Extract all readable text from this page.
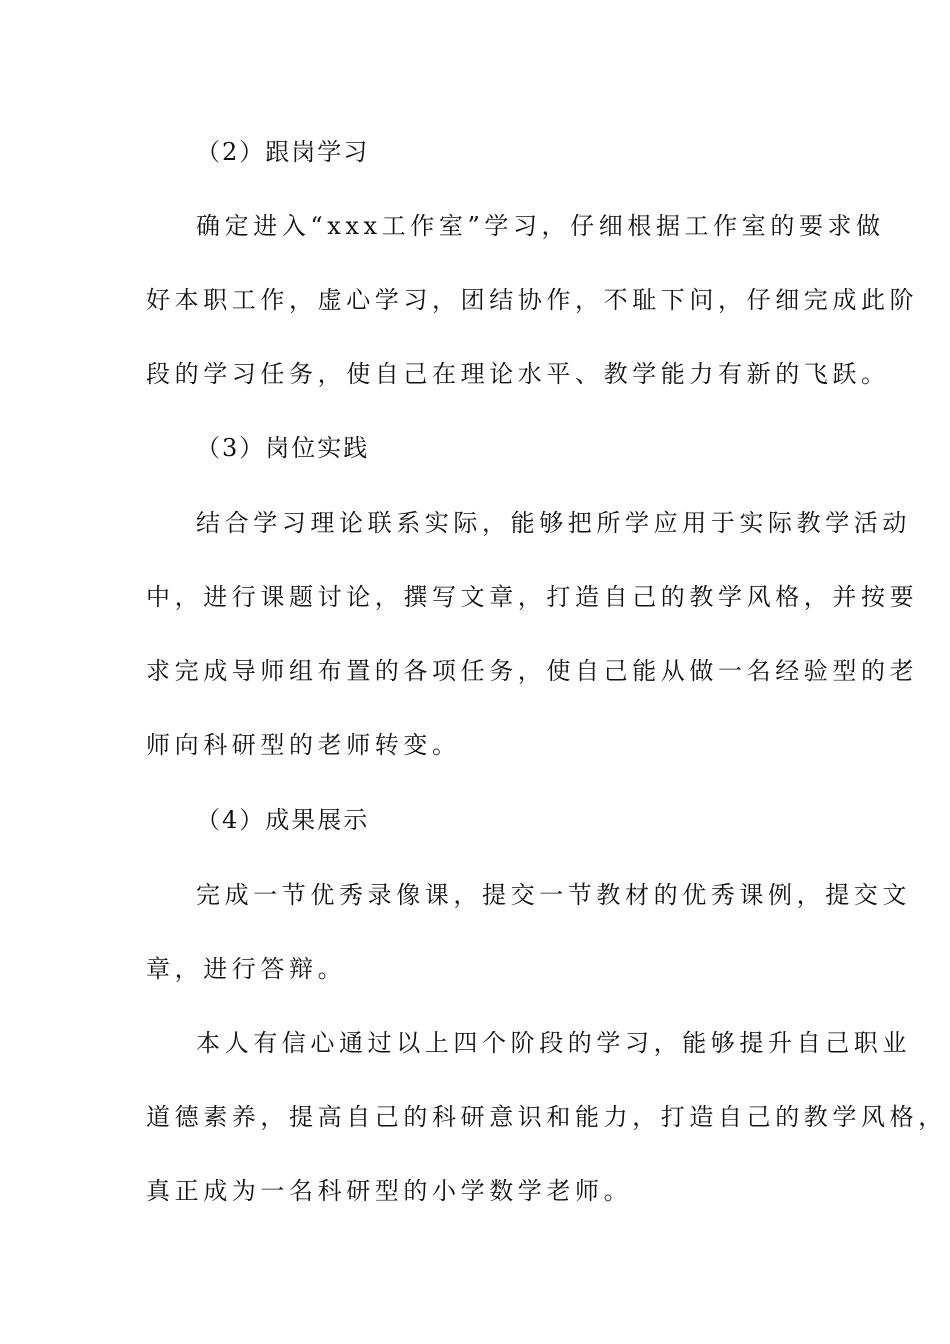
（2）跟岗学习
确定进入“xxx工作室”学习，仔细根据工作室的要求做
好本职工作，虚心学习，团结协作，不耻下问，仔细完成此阶
段的学习任务，使自己在理论水平、教学能力有新的飞跃。
（3）岗位实践
结合学习理论联系实际，能够把所学应用于实际教学活动
中，进行课题讨论，撰写文章，打造自己的教学风格，并按要
求完成导师组布置的各项任务，使自己能从做一名经验型的老
师向科研型的老师转变。
（4）成果展示
完成一节优秀录像课，提交一节教材的优秀课例，提交文
章，进行答辩。
本人有信心通过以上四个阶段的学习，能够提升自己职业
道德素养，提高自己的科研意识和能力，打造自己的教学风格，
真正成为一名科研型的小学数学老师。
